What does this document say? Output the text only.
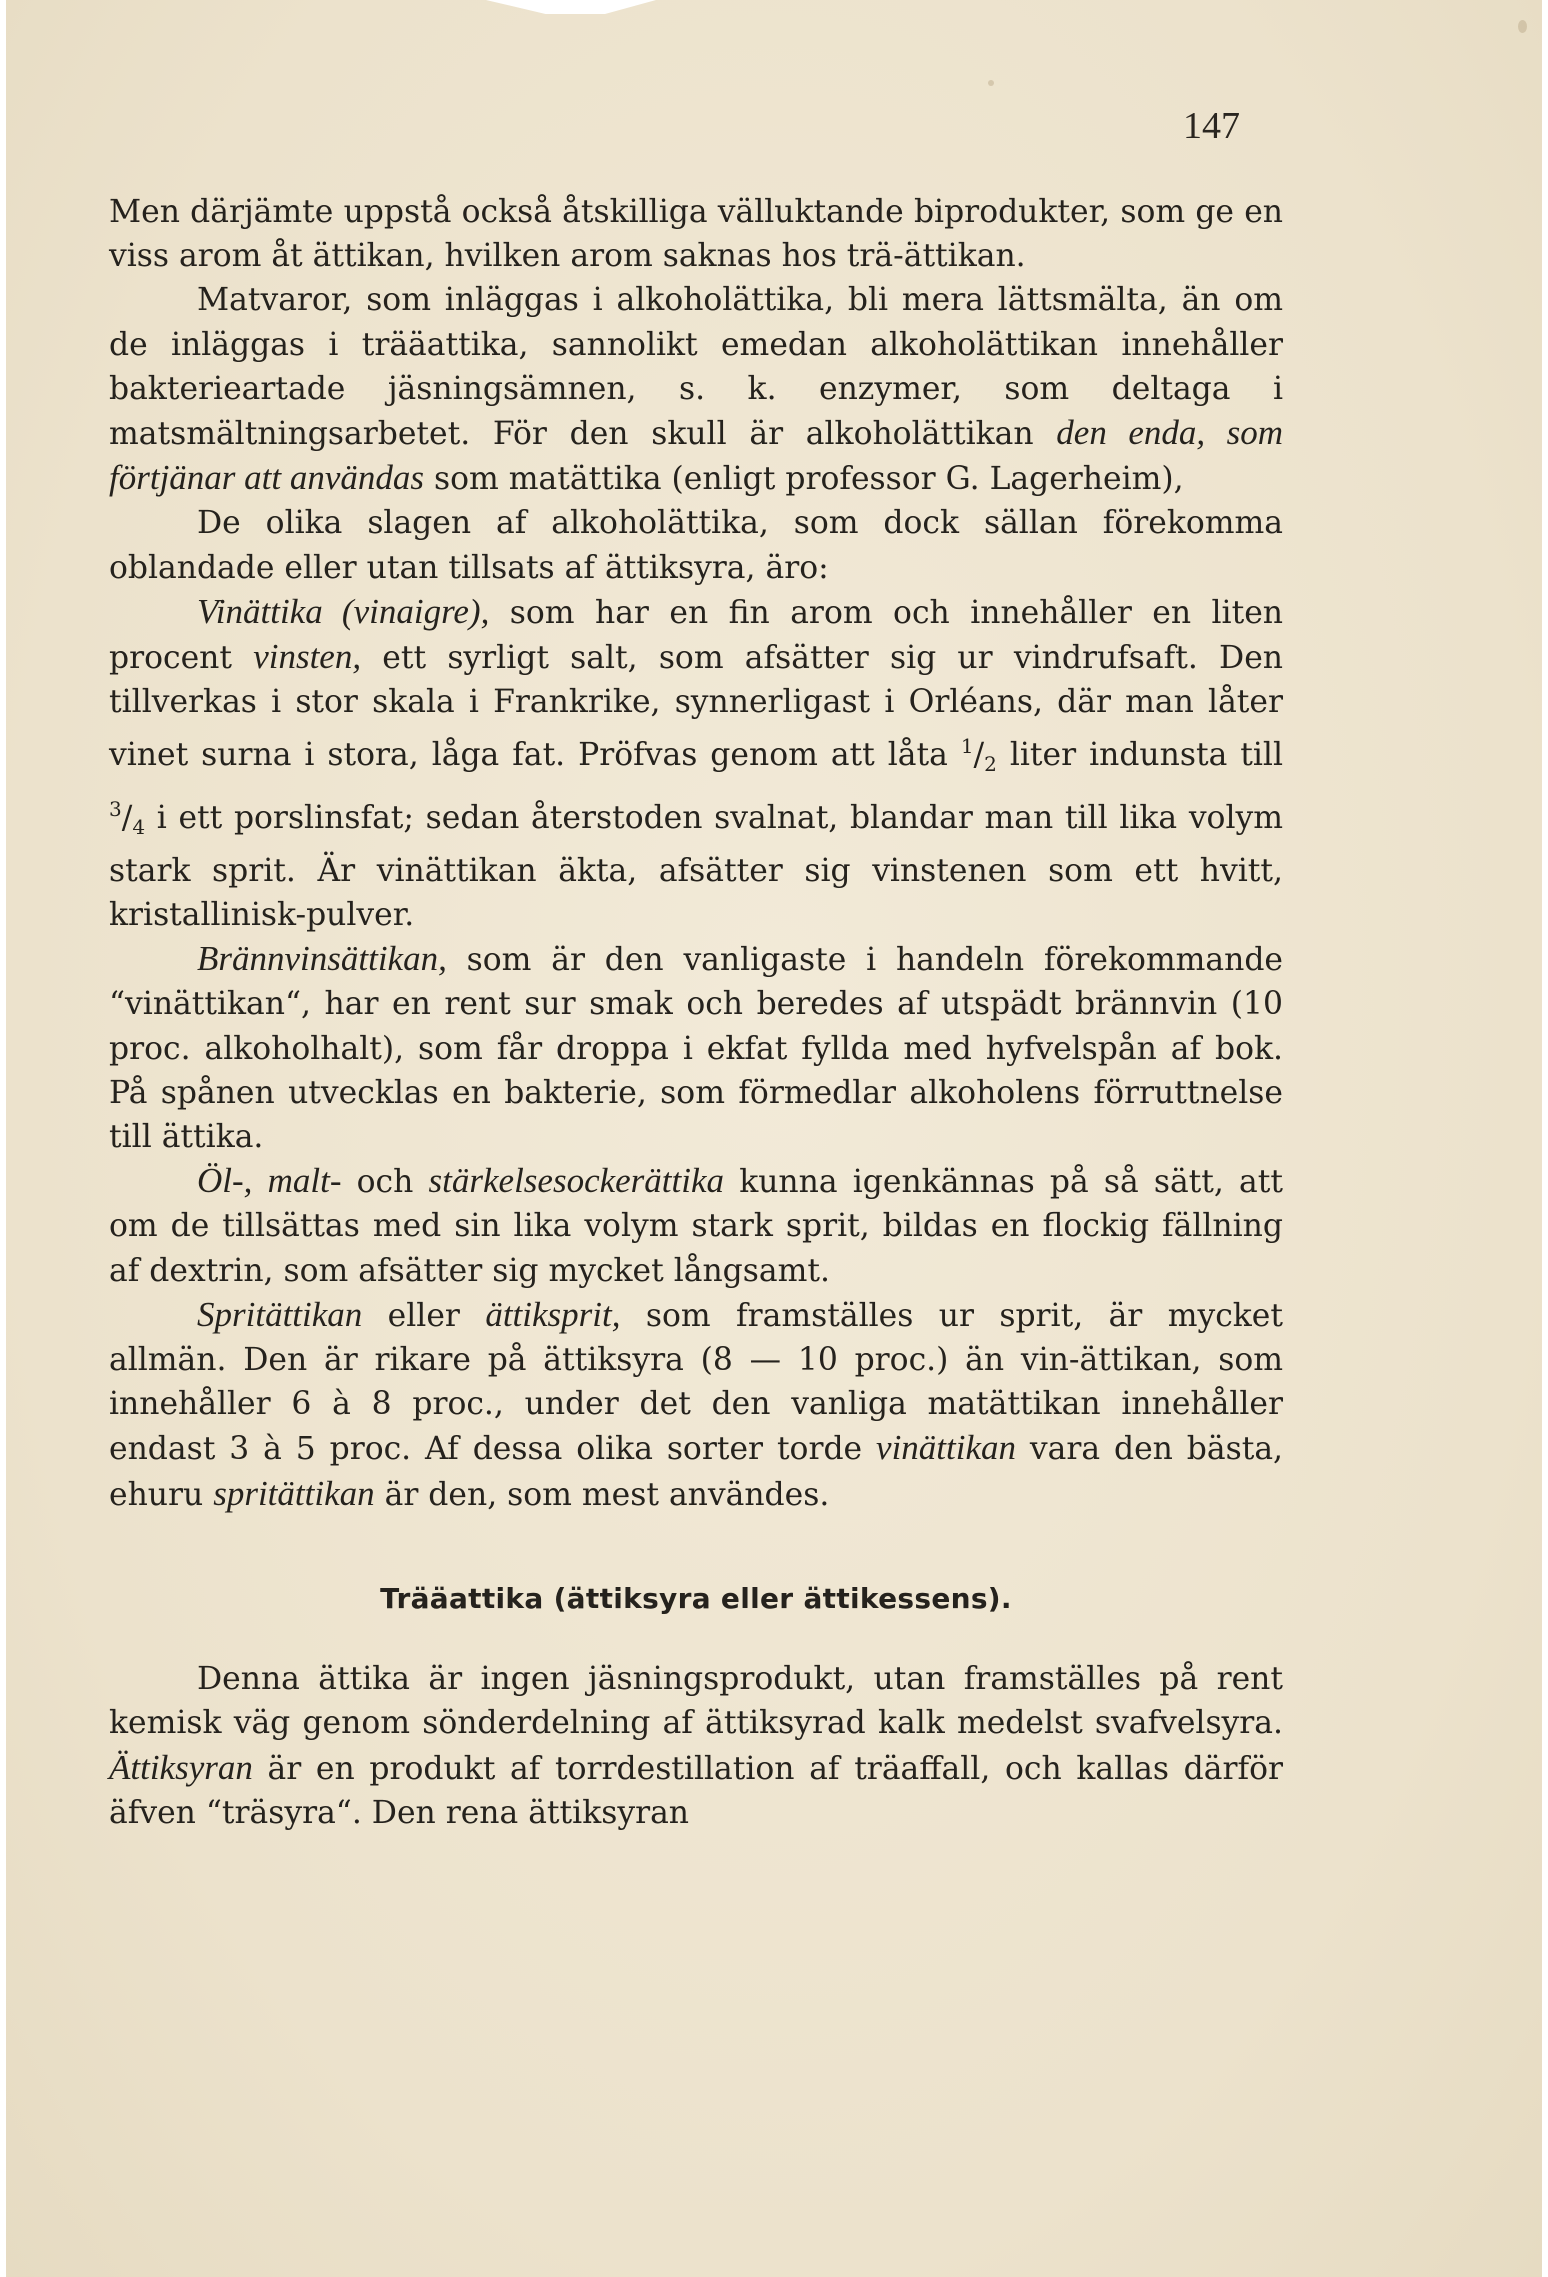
147

Men därjämte uppstå också åtskilliga välluktande biprodukter, som ge en viss arom åt ättikan, hvilken arom saknas hos trä-ättikan.

Matvaror, som inläggas i alkoholättika, bli mera lättsmälta, än om de inläggas i trääattika, sannolikt emedan alkoholättikan innehåller bakterieartade jäsningsämnen, s. k. enzymer, som deltaga i matsmältningsarbetet. För den skull är alkoholättikan den enda, som förtjänar att användas som matättika (enligt professor G. Lagerheim),

De olika slagen af alkoholättika, som dock sällan förekomma oblandade eller utan tillsats af ättiksyra, äro:

Vinättika (vinaigre), som har en fin arom och innehåller en liten procent vinsten, ett syrligt salt, som afsätter sig ur vindrufsaft. Den tillverkas i stor skala i Frankrike, synnerligast i Orléans, där man låter vinet surna i stora, låga fat. Pröfvas genom att låta $^1/_2$ liter indunsta till $^3/_4$ i ett porslinsfat; sedan återstoden svalnat, blandar man till lika volym stark sprit. Är vinättikan äkta, afsätter sig vinstenen som ett hvitt, kristallinisk-pulver.

Brännvinsättikan, som är den vanligaste i handeln förekommande “vinättikan“, har en rent sur smak och beredes af utspädt brännvin (10 proc. alkoholhalt), som får droppa i ekfat fyllda med hyfvelspån af bok. På spånen utvecklas en bakterie, som förmedlar alkoholens förruttnelse till ättika.

Öl-, malt- och stärkelsesockerättika kunna igenkännas på så sätt, att om de tillsättas med sin lika volym stark sprit, bildas en flockig fällning af dextrin, som afsätter sig mycket långsamt.

Spritättikan eller ättiksprit, som framställes ur sprit, är mycket allmän. Den är rikare på ättiksyra (8 — 10 proc.) än vin-ättikan, som innehåller 6 à 8 proc., under det den vanliga matättikan innehåller endast 3 à 5 proc. Af dessa olika sorter torde vinättikan vara den bästa, ehuru spritättikan är den, som mest användes.

Trääattika (ättiksyra eller ättikessens).

Denna ättika är ingen jäsningsprodukt, utan framställes på rent kemisk väg genom sönderdelning af ättiksyrad kalk medelst svafvelsyra. Ättiksyran är en produkt af torrdestillation af träaffall, och kallas därför äfven “träsyra“. Den rena ättiksyran
